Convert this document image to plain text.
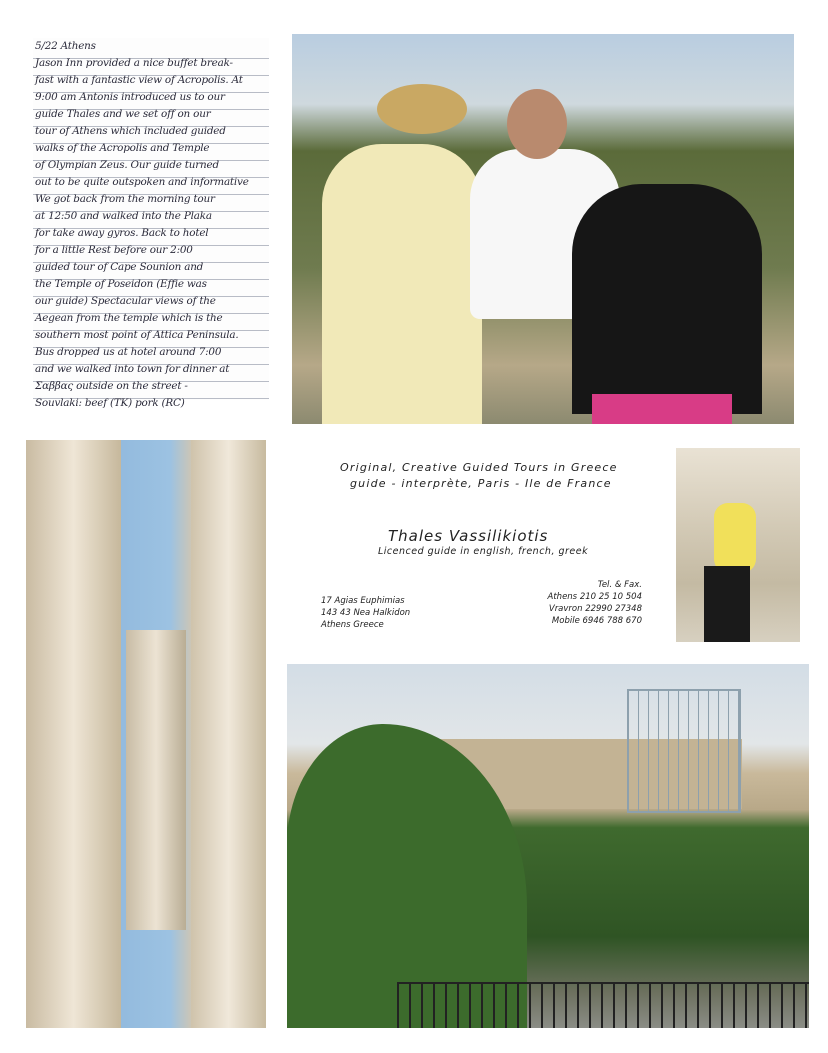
5/22 Athens
Jason Inn provided a nice buffet break-
fast with a fantastic view of Acropolis. At
9:00 am Antonis introduced us to our
guide Thales and we set off on our
tour of Athens which included guided
walks of the Acropolis and Temple
of Olympian Zeus. Our guide turned
out to be quite outspoken and informative
We got back from the morning tour
at 12:50 and walked into the Plaka
for take away gyros. Back to hotel
for a little Rest before our 2:00
guided tour of Cape Sounion and
the Temple of Poseidon (Effie was
our guide) Spectacular views of the
Aegean from the temple which is the
southern most point of Attica Peninsula.
Bus dropped us at hotel around 7:00
and we walked into town for dinner at
Σαββας outside on the street -
Souvlaki: beef (TK) pork (RC)
Original, Creative Guided Tours in Greece
guide - interprète, Paris - Ile de France
Thales Vassilikiotis
Licenced guide in english, french, greek
17 Agias Euphimias
143 43 Nea Halkidon
Athens Greece
Tel. & Fax.
Athens 210 25 10 504
Vravron 22990 27348
Mobile 6946 788 670
